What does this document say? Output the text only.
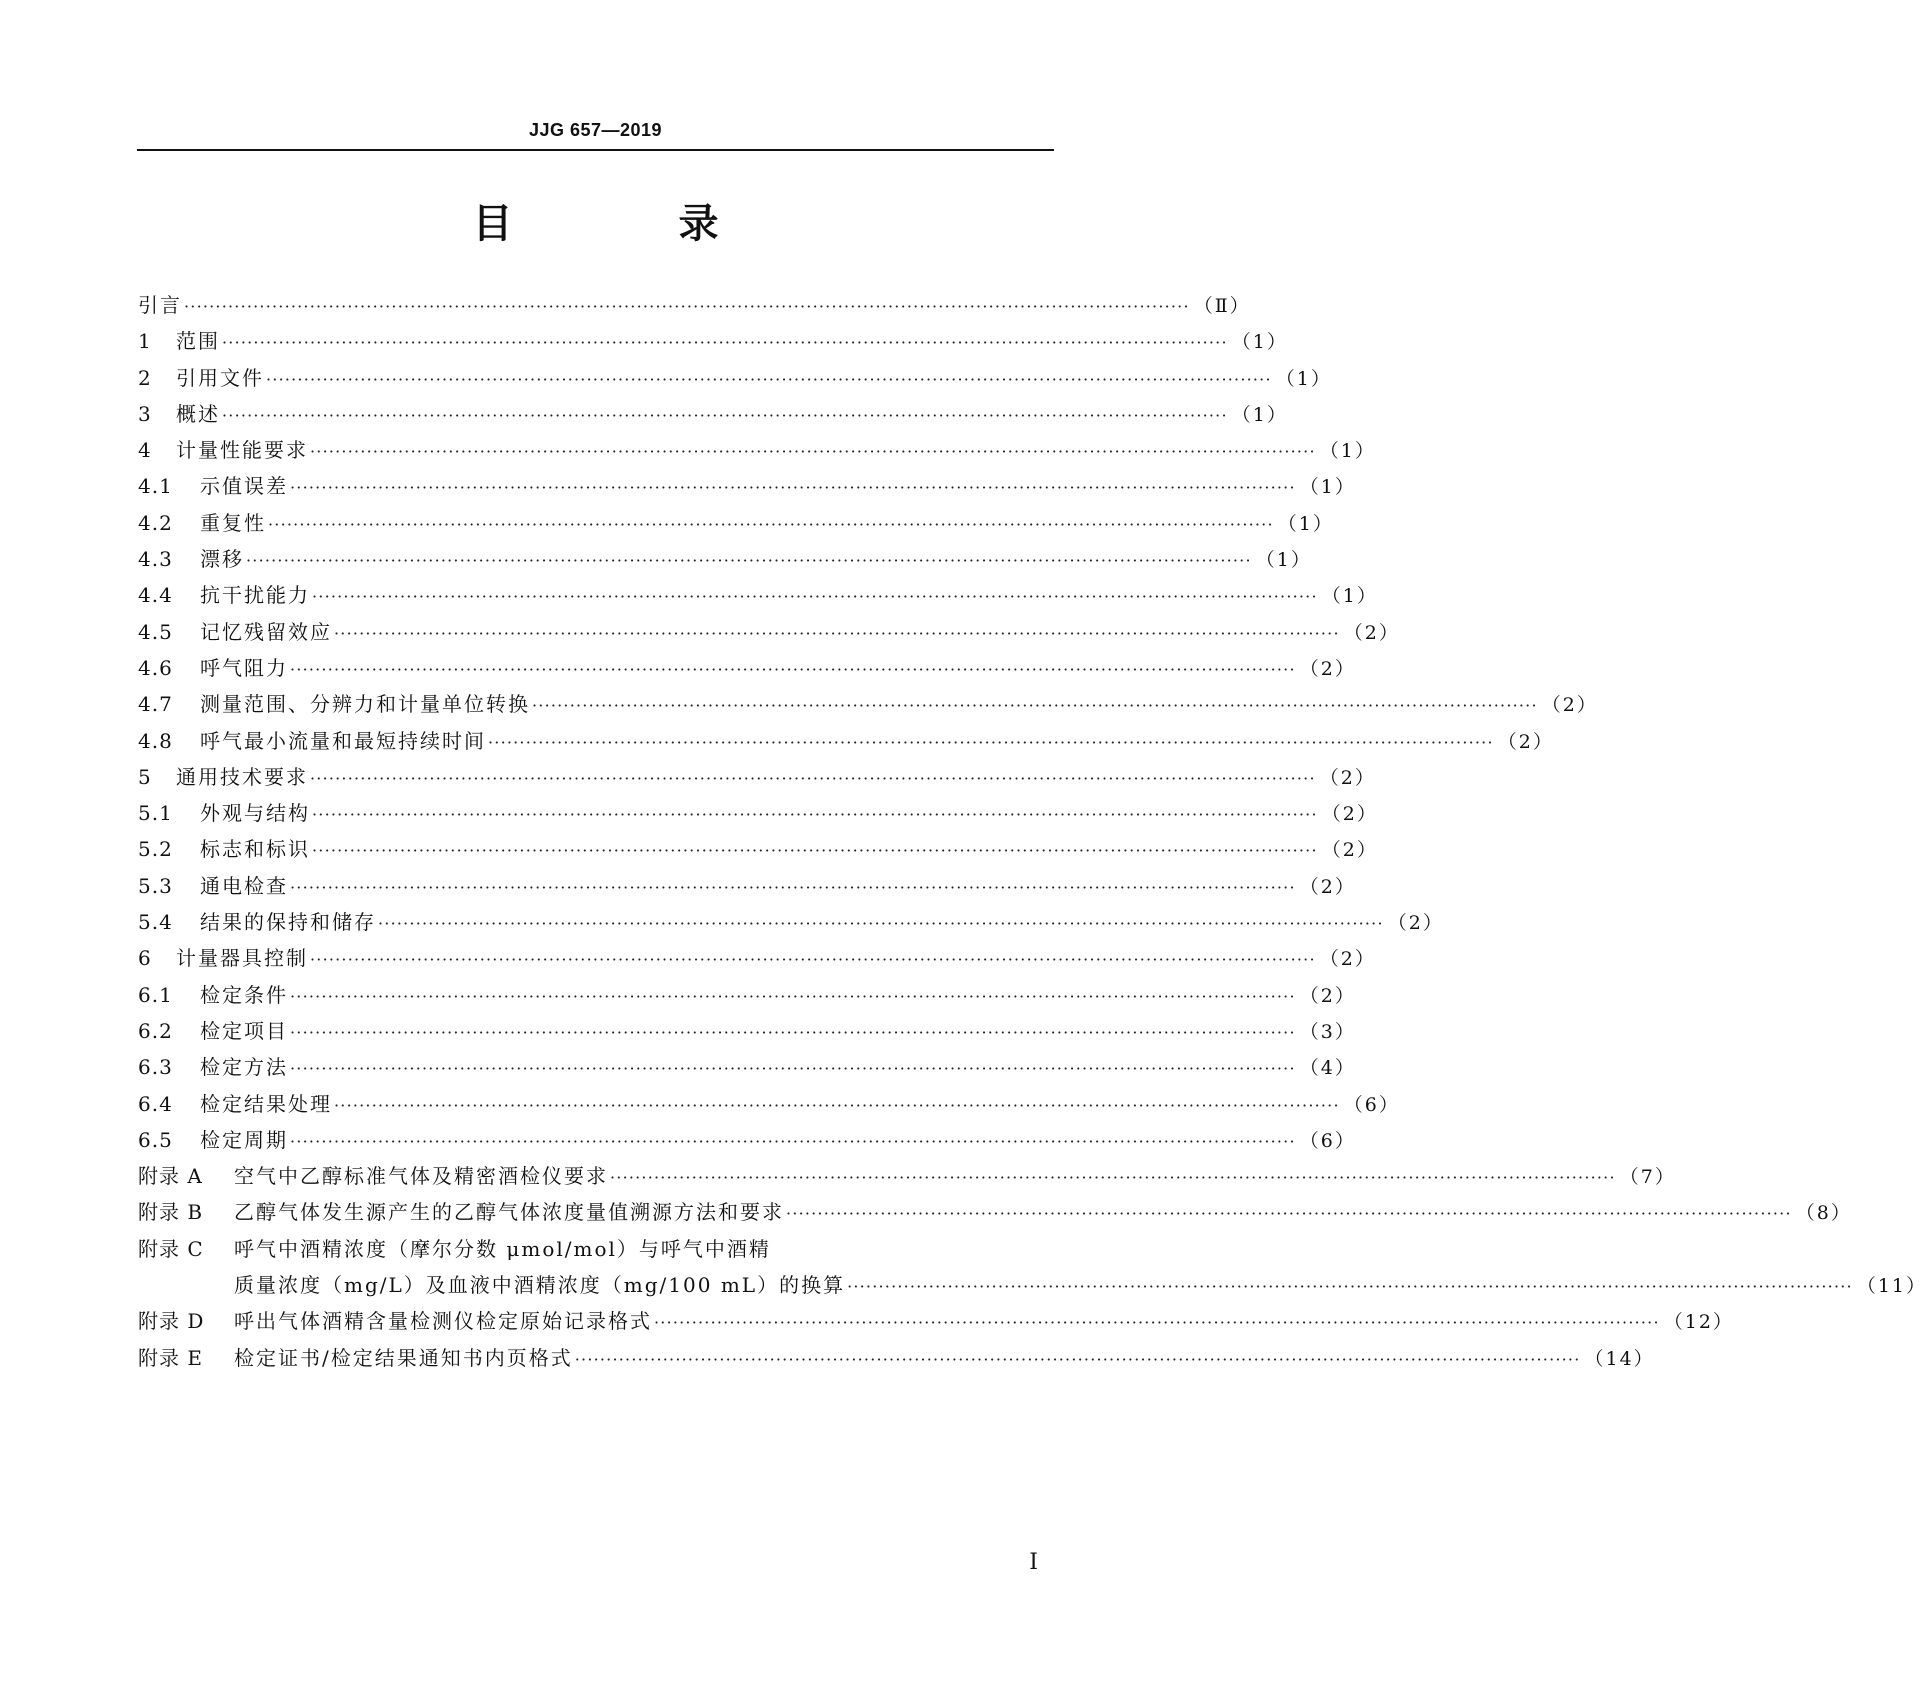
JJG 657—2019
目 录
引言 ································································································································································ （Ⅱ）
1	范围 ································································································································································ （1）
2	引用文件 ································································································································································ （1）
3	概述 ································································································································································ （1）
4	计量性能要求 ································································································································································ （1）
4.1	示值误差 ································································································································································ （1）
4.2	重复性 ································································································································································ （1）
4.3	漂移 ································································································································································ （1）
4.4	抗干扰能力 ································································································································································ （1）
4.5	记忆残留效应 ································································································································································ （2）
4.6	呼气阻力 ································································································································································ （2）
4.7	测量范围、分辨力和计量单位转换 ································································································································································ （2）
4.8	呼气最小流量和最短持续时间 ································································································································································ （2）
5	通用技术要求 ································································································································································ （2）
5.1	外观与结构 ································································································································································ （2）
5.2	标志和标识 ································································································································································ （2）
5.3	通电检查 ································································································································································ （2）
5.4	结果的保持和储存 ································································································································································ （2）
6	计量器具控制 ································································································································································ （2）
6.1	检定条件 ································································································································································ （2）
6.2	检定项目 ································································································································································ （3）
6.3	检定方法 ································································································································································ （4）
6.4	检定结果处理 ································································································································································ （6）
6.5	检定周期 ································································································································································ （6）
附录 A	空气中乙醇标准气体及精密酒检仪要求 ································································································································································ （7）
附录 B	乙醇气体发生源产生的乙醇气体浓度量值溯源方法和要求 ································································································································································ （8）
附录 C	呼气中酒精浓度（摩尔分数 μmol/mol）与呼气中酒精
质量浓度（mg/L）及血液中酒精浓度（mg/100 mL）的换算 ································································································································································ （11）
附录 D	呼出气体酒精含量检测仪检定原始记录格式 ································································································································································ （12）
附录 E	检定证书/检定结果通知书内页格式 ································································································································································ （14）
Ⅰ
